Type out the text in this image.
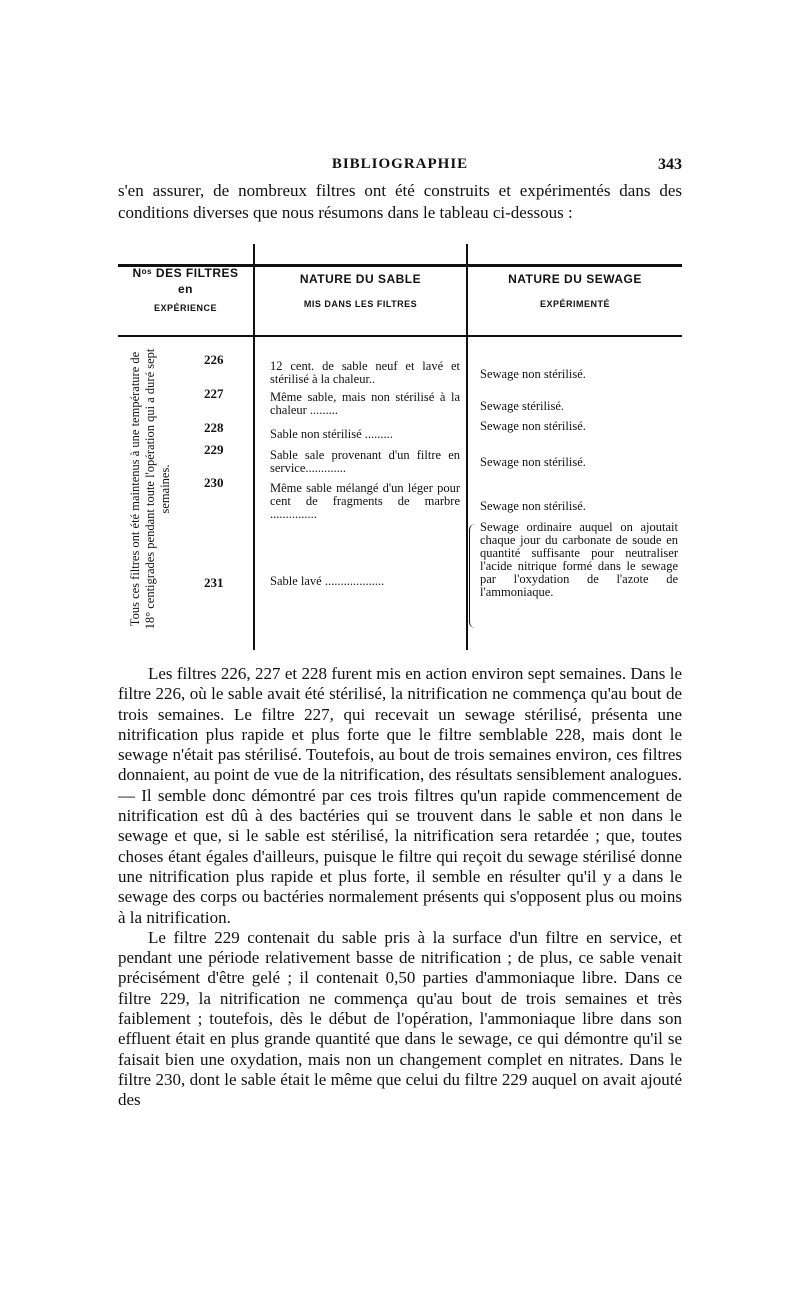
BIBLIOGRAPHIE	343
s'en assurer, de nombreux filtres ont été construits et expérimentés dans des conditions diverses que nous résumons dans le tableau ci-dessous :
Nᵒˢ DES FILTRES
en
EXPÉRIENCE
NATURE DU SABLE
MIS DANS LES FILTRES
NATURE DU SEWAGE
EXPÉRIMENTÉ
Tous ces filtres ont été maintenus à une température de 18° centigrades pendant toute l'opération qui a duré sept semaines.
226
227
228
229
230
231
12 cent. de sable neuf et lavé et stérilisé à la chaleur..
Même sable, mais non stérilisé à la chaleur .........
Sable non stérilisé .........
Sable sale provenant d'un filtre en service.............
Même sable mélangé d'un léger pour cent de fragments de marbre ...............
Sable lavé ...................
Sewage non stérilisé.
Sewage stérilisé.
Sewage non stérilisé.
Sewage non stérilisé.
Sewage non stérilisé.
Sewage ordinaire auquel on ajoutait chaque jour du carbonate de soude en quantité suffisante pour neutraliser l'acide nitrique formé dans le sewage par l'oxydation de l'azote de l'ammoniaque.

Les filtres 226, 227 et 228 furent mis en action environ sept semaines. Dans le filtre 226, où le sable avait été stérilisé, la nitrification ne commença qu'au bout de trois semaines. Le filtre 227, qui recevait un sewage stérilisé, présenta une nitrification plus rapide et plus forte que le filtre semblable 228, mais dont le sewage n'était pas stérilisé. Toutefois, au bout de trois semaines environ, ces filtres donnaient, au point de vue de la nitrification, des résultats sensiblement analogues. — Il semble donc démontré par ces trois filtres qu'un rapide commencement de nitrification est dû à des bactéries qui se trouvent dans le sable et non dans le sewage et que, si le sable est stérilisé, la nitrification sera retardée ; que, toutes choses étant égales d'ailleurs, puisque le filtre qui reçoit du sewage stérilisé donne une nitrification plus rapide et plus forte, il semble en résulter qu'il y a dans le sewage des corps ou bactéries normalement présents qui s'opposent plus ou moins à la nitrification.

Le filtre 229 contenait du sable pris à la surface d'un filtre en service, et pendant une période relativement basse de nitrification ; de plus, ce sable venait précisément d'être gelé ; il contenait 0,50 parties d'ammoniaque libre. Dans ce filtre 229, la nitrification ne commença qu'au bout de trois semaines et très faiblement ; toutefois, dès le début de l'opération, l'ammoniaque libre dans son effluent était en plus grande quantité que dans le sewage, ce qui démontre qu'il se faisait bien une oxydation, mais non un changement complet en nitrates. Dans le filtre 230, dont le sable était le même que celui du filtre 229 auquel on avait ajouté des
